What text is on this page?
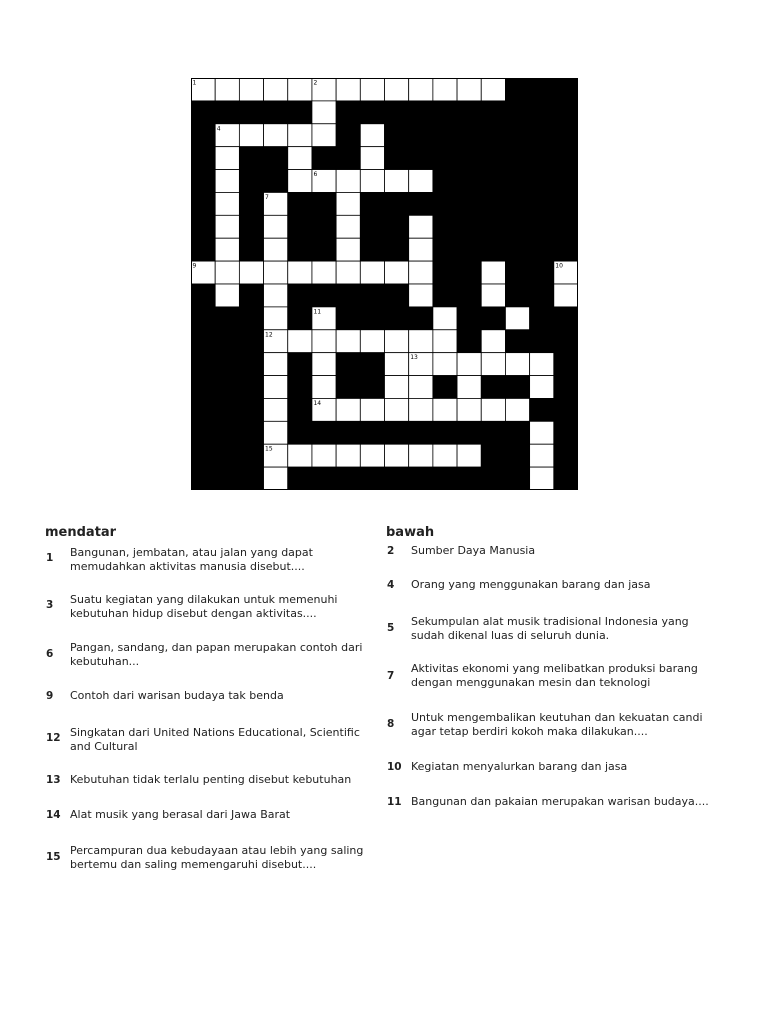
1	2
3	4	5
6
7
8
9	10
11
12
13
14
15
mendatar	bawah
1 Bangunan, jembatan, atau jalan yang dapat memudahkan aktivitas manusia disebut....
3 Suatu kegiatan yang dilakukan untuk memenuhi kebutuhan hidup disebut dengan aktivitas....
6 Pangan, sandang, dan papan merupakan contoh dari kebutuhan...
9 Contoh dari warisan budaya tak benda
12 Singkatan dari United Nations Educational, Scientific and Cultural
13 Kebutuhan tidak terlalu penting disebut kebutuhan
14 Alat musik yang berasal dari Jawa Barat
15 Percampuran dua kebudayaan atau lebih yang saling bertemu dan saling memengaruhi disebut....
2 Sumber Daya Manusia
4 Orang yang menggunakan barang dan jasa
5 Sekumpulan alat musik tradisional Indonesia yang sudah dikenal luas di seluruh dunia.
7
Aktivitas ekonomi yang melibatkan produksi barang dengan menggunakan mesin dan teknologi
8 Untuk mengembalikan keutuhan dan kekuatan candi agar tetap berdiri kokoh maka dilakukan....
10 Kegiatan menyalurkan barang dan jasa
11 Bangunan dan pakaian merupakan warisan budaya....
